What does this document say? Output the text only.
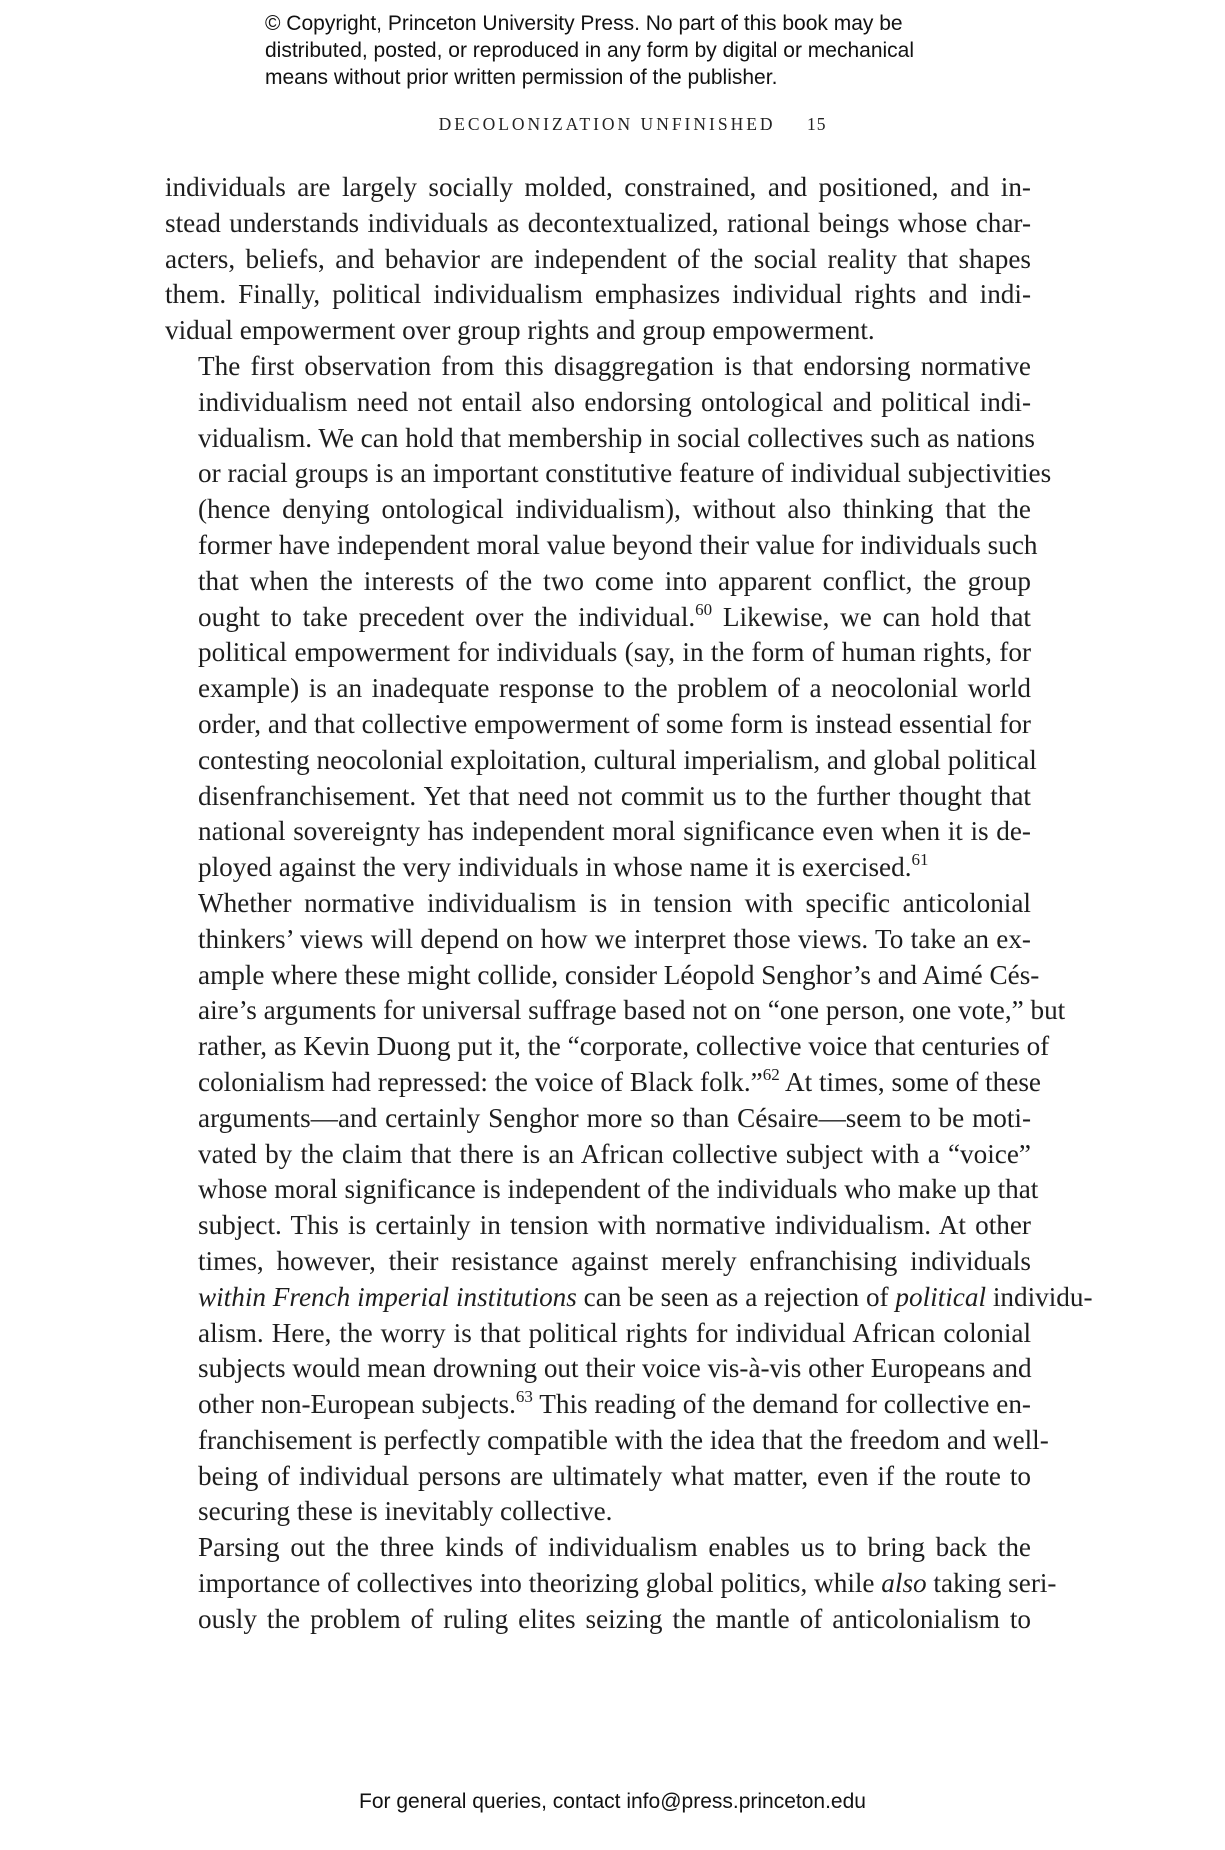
© Copyright, Princeton University Press. No part of this book may be
distributed, posted, or reproduced in any form by digital or mechanical
means without prior written permission of the publisher.
DECOLONIZATION UNFINISHED 15

individuals are largely socially molded, constrained, and positioned, and in-
stead understands individuals as decontextualized, rational beings whose char-
acters, beliefs, and behavior are independent of the social reality that shapes
them. Finally, political individualism emphasizes individual rights and indi-
vidual empowerment over group rights and group empowerment.

The first observation from this disaggregation is that endorsing normative
individualism need not entail also endorsing ontological and political indi-
vidualism. We can hold that membership in social collectives such as nations
or racial groups is an important constitutive feature of individual subjectivities
(hence denying ontological individualism), without also thinking that the
former have independent moral value beyond their value for individuals such
that when the interests of the two come into apparent conflict, the group
ought to take precedent over the individual.$^{60}$ Likewise, we can hold that
political empowerment for individuals (say, in the form of human rights, for
example) is an inadequate response to the problem of a neocolonial world
order, and that collective empowerment of some form is instead essential for
contesting neocolonial exploitation, cultural imperialism, and global political
disenfranchisement. Yet that need not commit us to the further thought that
national sovereignty has independent moral significance even when it is de-
ployed against the very individuals in whose name it is exercised.$^{61}$

Whether normative individualism is in tension with specific anticolonial
thinkers’ views will depend on how we interpret those views. To take an ex-
ample where these might collide, consider Léopold Senghor’s and Aimé Cés-
aire’s arguments for universal suffrage based not on “one person, one vote,” but
rather, as Kevin Duong put it, the “corporate, collective voice that centuries of
colonialism had repressed: the voice of Black folk.”$^{62}$ At times, some of these
arguments—and certainly Senghor more so than Césaire—seem to be moti-
vated by the claim that there is an African collective subject with a “voice”
whose moral significance is independent of the individuals who make up that
subject. This is certainly in tension with normative individualism. At other
times, however, their resistance against merely enfranchising individuals
within French imperial institutions can be seen as a rejection of political individu-
alism. Here, the worry is that political rights for individual African colonial
subjects would mean drowning out their voice vis-à-vis other Europeans and
other non-European subjects.$^{63}$ This reading of the demand for collective en-
franchisement is perfectly compatible with the idea that the freedom and well-
being of individual persons are ultimately what matter, even if the route to
securing these is inevitably collective.

Parsing out the three kinds of individualism enables us to bring back the
importance of collectives into theorizing global politics, while also taking seri-
ously the problem of ruling elites seizing the mantle of anticolonialism to

For general queries, contact info@press.princeton.edu
